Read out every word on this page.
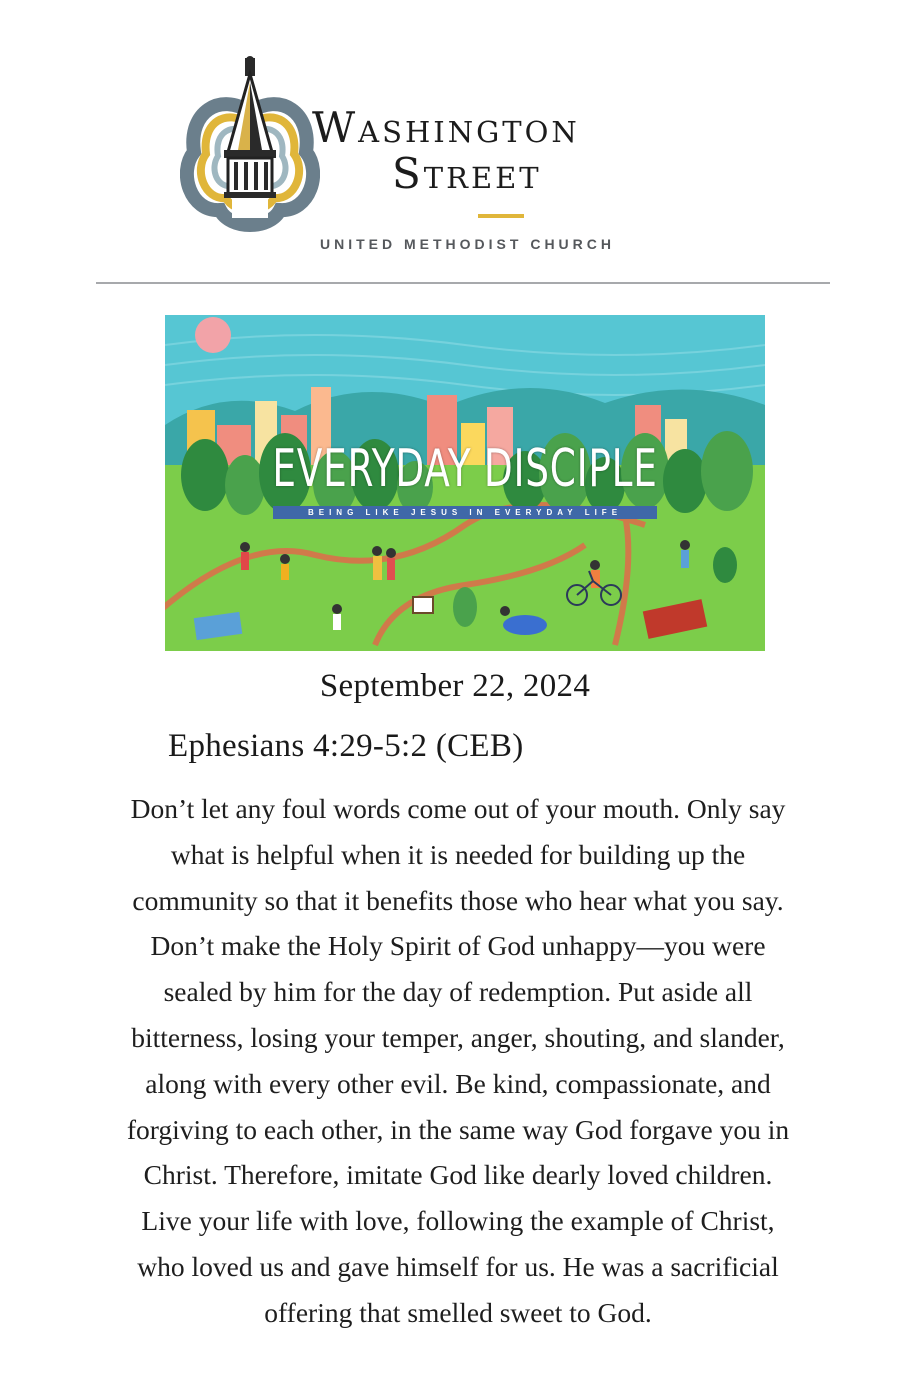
Washington
Street
UNITED METHODIST CHURCH
EVERYDAY DISCIPLE
BEING LIKE JESUS IN EVERYDAY LIFE
September 22, 2024
Ephesians 4:29-5:2 (CEB)
Don’t let any foul words come out of your mouth. Only say
what is helpful when it is needed for building up the
community so that it benefits those who hear what you say.
Don’t make the Holy Spirit of God unhappy—you were
sealed by him for the day of redemption. Put aside all
bitterness, losing your temper, anger, shouting, and slander,
along with every other evil. Be kind, compassionate, and
forgiving to each other, in the same way God forgave you in
Christ. Therefore, imitate God like dearly loved children.
Live your life with love, following the example of Christ,
who loved us and gave himself for us. He was a sacrificial
offering that smelled sweet to God.
